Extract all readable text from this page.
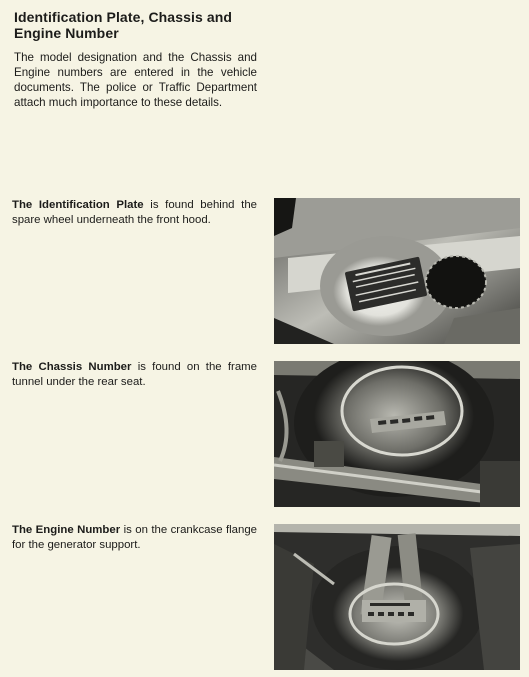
Identification Plate, Chassis and
Engine Number

The model designation and the Chassis and Engine numbers are entered in the vehicle documents. The police or Traffic Department attach much importance to these details.

The Identification Plate is found behind the spare wheel underneath the front hood.

The Chassis Number is found on the frame tunnel under the rear seat.

The Engine Number is on the crankcase flange for the generator support.
